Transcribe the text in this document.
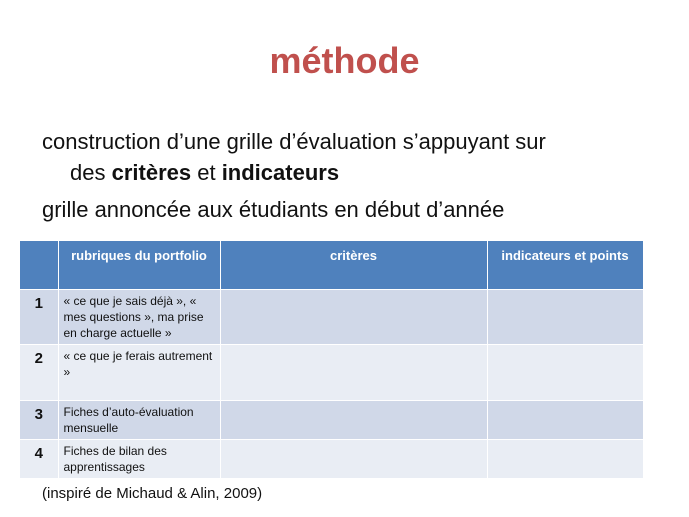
méthode
construction d’une grille d’évaluation s’appuyant sur
des critères et indicateurs
grille annoncée aux étudiants en début d’année
	rubriques du portfolio	critères	indicateurs et points
1	« ce que je sais déjà », « mes questions », ma prise en charge actuelle »		
2	« ce que je ferais autrement »		
3	Fiches d’auto-évaluation mensuelle		
4	Fiches de bilan des apprentissages		
(inspiré de Michaud & Alin, 2009)
